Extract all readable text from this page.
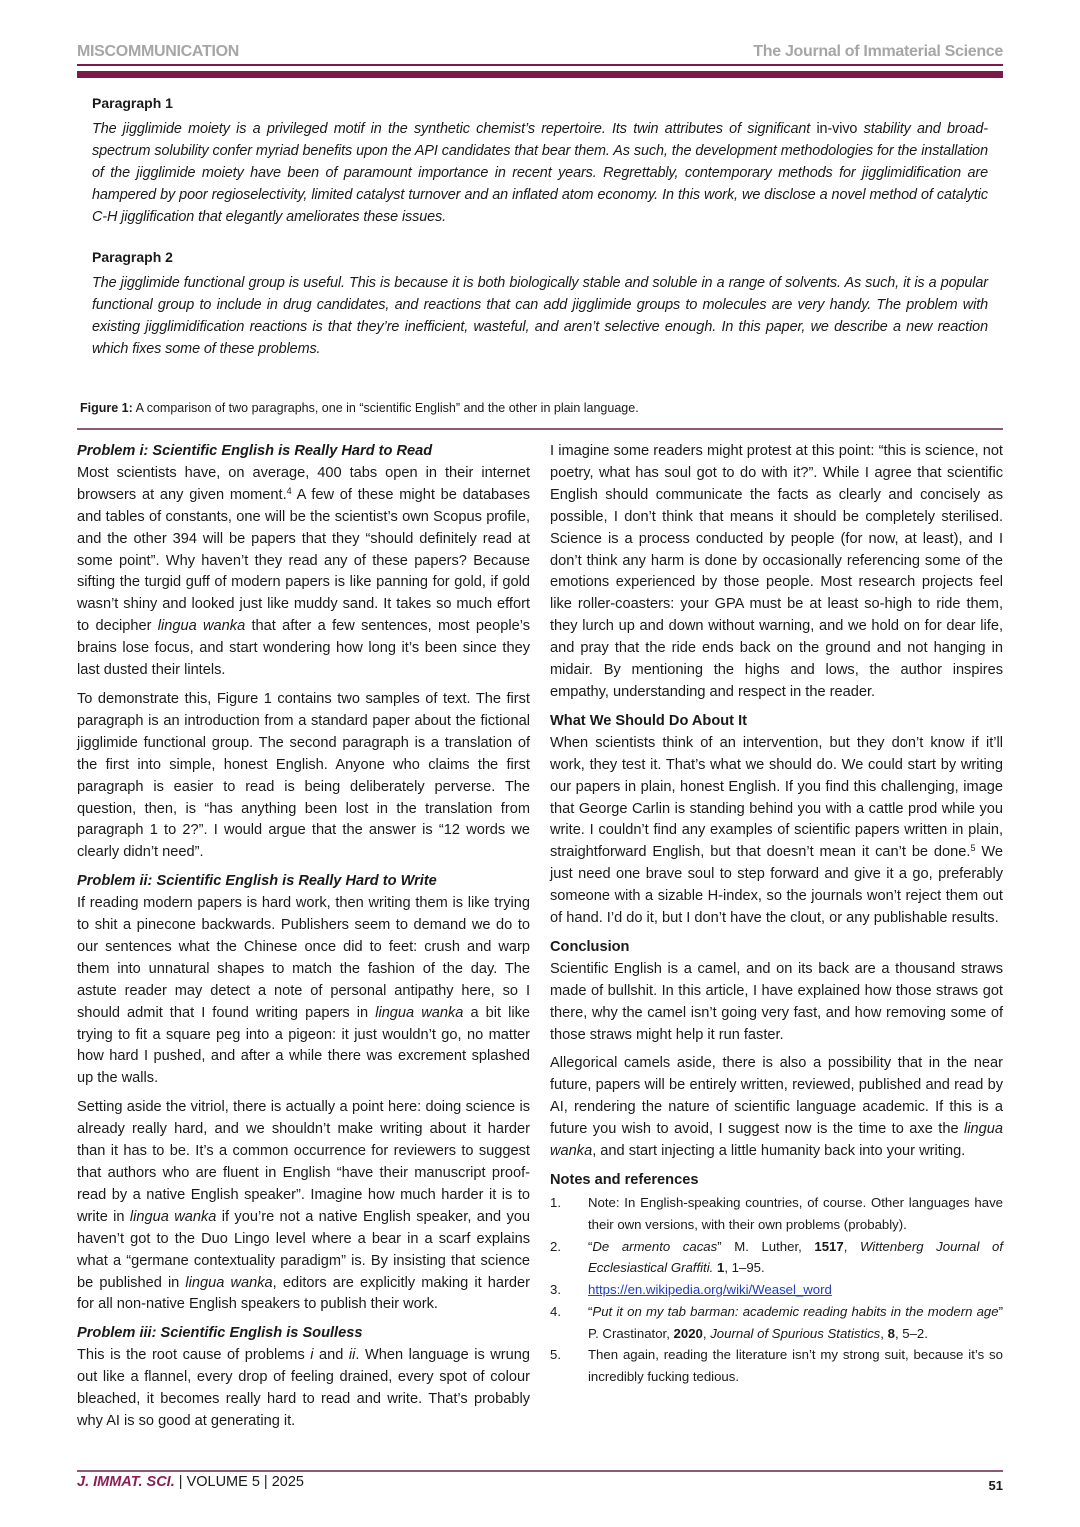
MISCOMMUNICATION	The Journal of Immaterial Science
Paragraph 1
The jigglimide moiety is a privileged motif in the synthetic chemist’s repertoire. Its twin attributes of significant in-vivo stability and broad-spectrum solubility confer myriad benefits upon the API candidates that bear them. As such, the development methodologies for the installation of the jigglimide moiety have been of paramount importance in recent years. Regrettably, contemporary methods for jigglimidification are hampered by poor regioselectivity, limited catalyst turnover and an inflated atom economy. In this work, we disclose a novel method of catalytic C-H jigglification that elegantly ameliorates these issues.
Paragraph 2
The jigglimide functional group is useful. This is because it is both biologically stable and soluble in a range of solvents. As such, it is a popular functional group to include in drug candidates, and reactions that can add jigglimide groups to molecules are very handy. The problem with existing jigglimidification reactions is that they’re inefficient, wasteful, and aren’t selective enough. In this paper, we describe a new reaction which fixes some of these problems.
Figure 1: A comparison of two paragraphs, one in “scientific English” and the other in plain language.

Problem i: Scientific English is Really Hard to Read

Most scientists have, on average, 400 tabs open in their internet browsers at any given moment.$^4$ A few of these might be databases and tables of constants, one will be the scientist’s own Scopus profile, and the other 394 will be papers that they “should definitely read at some point”. Why haven’t they read any of these papers? Because sifting the turgid guff of modern papers is like panning for gold, if gold wasn’t shiny and looked just like muddy sand. It takes so much effort to decipher lingua wanka that after a few sentences, most people’s brains lose focus, and start wondering how long it’s been since they last dusted their lintels.

To demonstrate this, Figure 1 contains two samples of text. The first paragraph is an introduction from a standard paper about the fictional jigglimide functional group. The second paragraph is a translation of the first into simple, honest English. Anyone who claims the first paragraph is easier to read is being deliberately perverse. The question, then, is “has anything been lost in the translation from paragraph 1 to 2?”. I would argue that the answer is “12 words we clearly didn’t need”.

Problem ii: Scientific English is Really Hard to Write

If reading modern papers is hard work, then writing them is like trying to shit a pinecone backwards. Publishers seem to demand we do to our sentences what the Chinese once did to feet: crush and warp them into unnatural shapes to match the fashion of the day. The astute reader may detect a note of personal antipathy here, so I should admit that I found writing papers in lingua wanka a bit like trying to fit a square peg into a pigeon: it just wouldn’t go, no matter how hard I pushed, and after a while there was excrement splashed up the walls.

Setting aside the vitriol, there is actually a point here: doing science is already really hard, and we shouldn’t make writing about it harder than it has to be. It’s a common occurrence for reviewers to suggest that authors who are fluent in English “have their manuscript proof-read by a native English speaker”. Imagine how much harder it is to write in lingua wanka if you’re not a native English speaker, and you haven’t got to the Duo Lingo level where a bear in a scarf explains what a “germane contextuality paradigm” is. By insisting that science be published in lingua wanka, editors are explicitly making it harder for all non-native English speakers to publish their work.

Problem iii: Scientific English is Soulless

This is the root cause of problems i and ii. When language is wrung out like a flannel, every drop of feeling drained, every spot of colour bleached, it becomes really hard to read and write. That’s probably why AI is so good at generating it.

I imagine some readers might protest at this point: “this is science, not poetry, what has soul got to do with it?”. While I agree that scientific English should communicate the facts as clearly and concisely as possible, I don’t think that means it should be completely sterilised. Science is a process conducted by people (for now, at least), and I don’t think any harm is done by occasionally referencing some of the emotions experienced by those people. Most research projects feel like roller-coasters: your GPA must be at least so-high to ride them, they lurch up and down without warning, and we hold on for dear life, and pray that the ride ends back on the ground and not hanging in midair. By mentioning the highs and lows, the author inspires empathy, understanding and respect in the reader.

What We Should Do About It

When scientists think of an intervention, but they don’t know if it’ll work, they test it. That’s what we should do. We could start by writing our papers in plain, honest English. If you find this challenging, image that George Carlin is standing behind you with a cattle prod while you write. I couldn’t find any examples of scientific papers written in plain, straightforward English, but that doesn’t mean it can’t be done.$^5$ We just need one brave soul to step forward and give it a go, preferably someone with a sizable H-index, so the journals won’t reject them out of hand. I’d do it, but I don’t have the clout, or any publishable results.

Conclusion

Scientific English is a camel, and on its back are a thousand straws made of bullshit. In this article, I have explained how those straws got there, why the camel isn’t going very fast, and how removing some of those straws might help it run faster.

Allegorical camels aside, there is also a possibility that in the near future, papers will be entirely written, reviewed, published and read by AI, rendering the nature of scientific language academic. If this is a future you wish to avoid, I suggest now is the time to axe the lingua wanka, and start injecting a little humanity back into your writing.

Notes and references

1.	Note: In English-speaking countries, of course. Other languages have their own versions, with their own problems (probably).
2.	“De armento cacas” M. Luther, 1517, Wittenberg Journal of Ecclesiastical Graffiti. 1, 1–95.
3.	https://en.wikipedia.org/wiki/Weasel_word
4.	“Put it on my tab barman: academic reading habits in the modern age” P. Crastinator, 2020, Journal of Spurious Statistics, 8, 5–2.
5.	Then again, reading the literature isn’t my strong suit, because it’s so incredibly fucking tedious.
J. IMMAT. SCI. | VOLUME 5 | 2025	51
